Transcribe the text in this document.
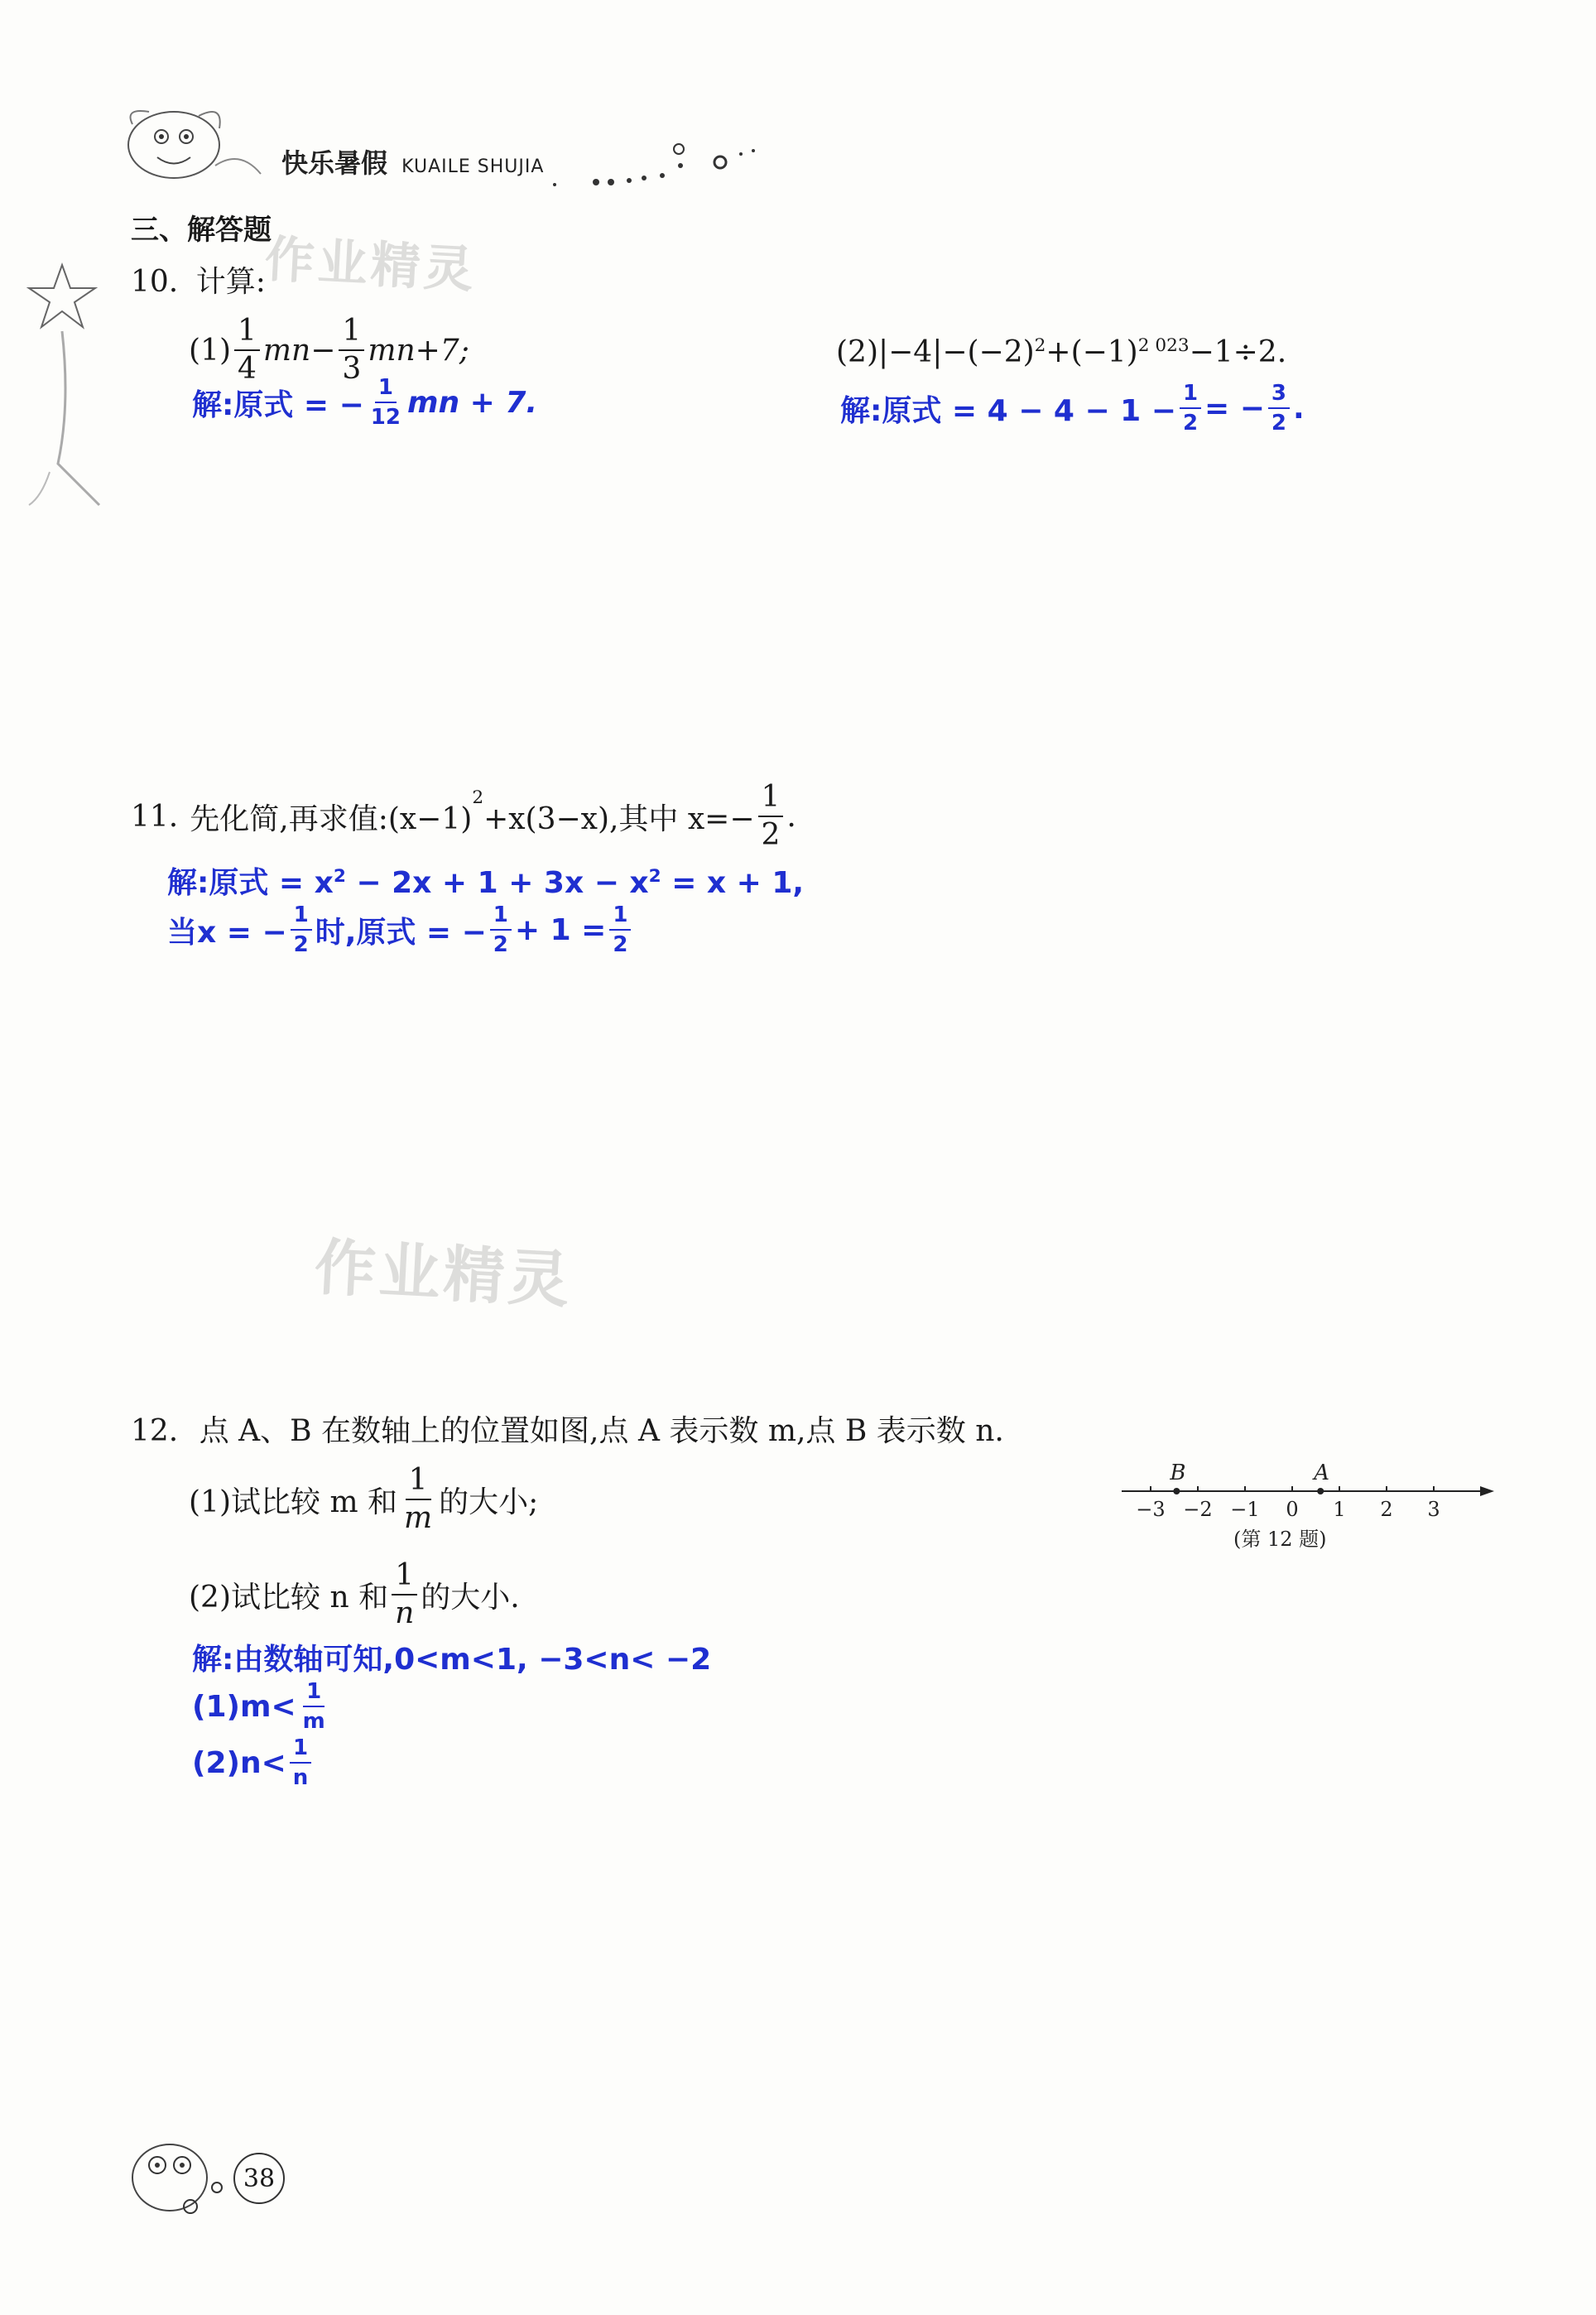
快乐暑假 KUAILE SHUJIA
三、解答题
作业精灵
作业精灵
10. 计算:
$(1) \frac{1}{4}$ mn − $\frac{1}{3} mn+7$;
解:原式 = − $\frac{1}{12}$ mn + 7.
$(2)|-4|-(-2)^2+(-1)^{2 023}-1\div 2$.
解:原式 = $4 - 4 - 1 - \frac{1}{2}$ = − $\frac{3}{2}$ .
11. 先化简,再求值:(x−1)
2
+x(3−x),其中 $x=- \frac{1}{2}$ .
解:原式 = $x^2 - 2x + 1 + 3x - x^2 = x + 1$,
当x = − $\frac{1}{2}$ 时,原式 = − $\frac{1}{2} + 1 = \frac{1}{2}$
12. 点 A、B 在数轴上的位置如图,点 A 表示数 m,点 B 表示数 n.
(1)试比较 m 和 $\frac{1}{m}$ 的大小;
(2)试比较 n 和 $\frac{1}{n}$ 的大小.
解:由数轴可知,0<m<1, −3<n< −2
$(1)m< \frac{1}{m}$
$(2)n< \frac{1}{n}$
−3 −2 −1 0 1 2 3
B	A
(第 12 题)
38
